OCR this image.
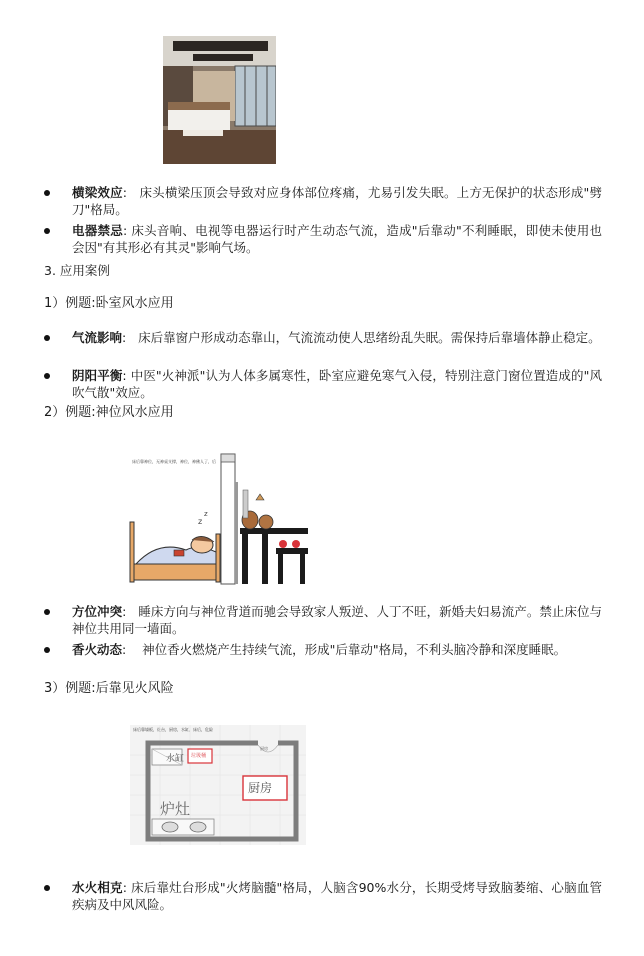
横梁效应:   床头横梁压顶会导致对应身体部位疼痛，尤易引发失眠。上方无保护的状态形成"劈刀"格局。
电器禁忌: 床头音响、电视等电器运行时产生动态气流，造成"后靠动"不利睡眠，即使未使用也会因"有其形必有其灵"影响气场。
3. 应用案例
1）例题:卧室风水应用
气流影响:   床后靠窗户形成动态靠山，气流流动使人思绪纷乱失眠。需保持后靠墙体静止稳定。
阴阳平衡: 中医"火神派"认为人体多属寒性，卧室应避免寒气入侵，特别注意门窗位置造成的"风吹气散"效应。
2）例题:神位风水应用
床后靠神位，无神桌支撑，神位，神佛人了，后
z
z
方位冲突:   睡床方向与神位背道而驰会导致家人叛逆、人丁不旺，新婚夫妇易流产。禁止床位与神位共用同一墙面。
香火动态:    神位香火燃烧产生持续气流，形成"后靠动"格局，不利头脑冷静和深度睡眠。
3）例题:后靠见火风险
床后靠墙板，灶台，厨房，水缸，床后，危险
水缸 垃圾桶
厨房
炉灶
厨房
水火相克: 床后靠灶台形成"火烤脑髓"格局，人脑含90%水分，长期受烤导致脑萎缩、心脑血管疾病及中风风险。
